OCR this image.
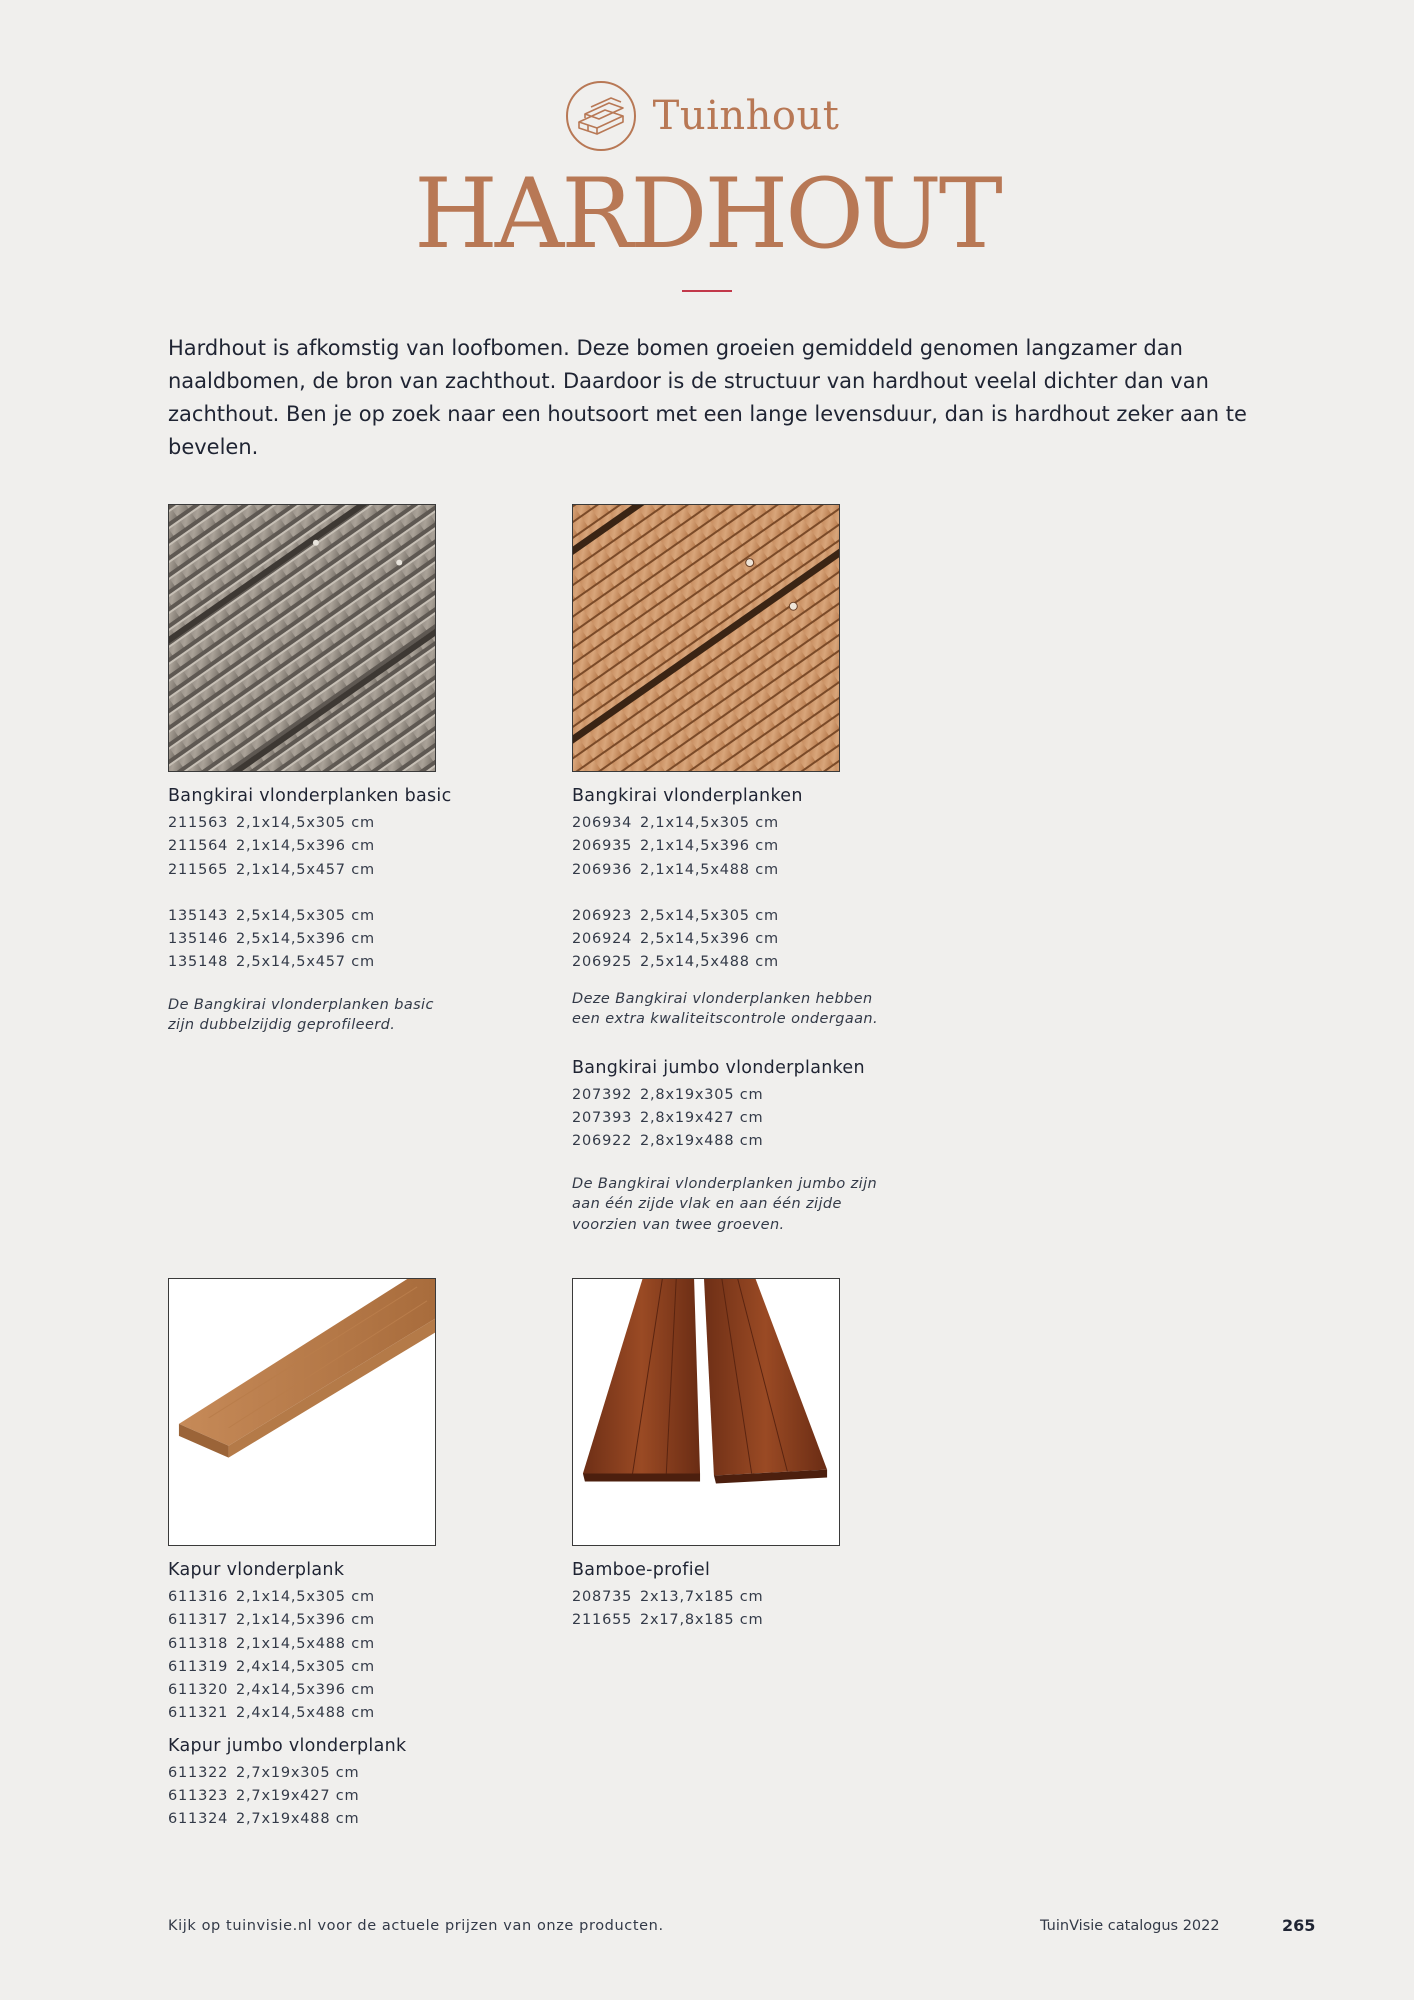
Tuinhout
HARDHOUT
Hardhout is afkomstig van loofbomen. Deze bomen groeien gemiddeld genomen langzamer dan naaldbomen, de bron van zachthout. Daardoor is de structuur van hardhout veelal dichter dan van zachthout. Ben je op zoek naar een houtsoort met een lange levensduur, dan is hardhout zeker aan te bevelen.
Bangkirai vlonderplanken basic
211563 2,1x14,5x305 cm
211564 2,1x14,5x396 cm
211565 2,1x14,5x457 cm
135143 2,5x14,5x305 cm
135146 2,5x14,5x396 cm
135148 2,5x14,5x457 cm
De Bangkirai vlonderplanken basic zijn dubbelzijdig geprofileerd.
Bangkirai vlonderplanken
206934 2,1x14,5x305 cm
206935 2,1x14,5x396 cm
206936 2,1x14,5x488 cm
206923 2,5x14,5x305 cm
206924 2,5x14,5x396 cm
206925 2,5x14,5x488 cm
Deze Bangkirai vlonderplanken hebben een extra kwaliteitscontrole ondergaan.
Bangkirai jumbo vlonderplanken
207392 2,8x19x305 cm
207393 2,8x19x427 cm
206922 2,8x19x488 cm
De Bangkirai vlonderplanken jumbo zijn aan één zijde vlak en aan één zijde voorzien van twee groeven.
Kapur vlonderplank
611316 2,1x14,5x305 cm
611317 2,1x14,5x396 cm
611318 2,1x14,5x488 cm
611319 2,4x14,5x305 cm
611320 2,4x14,5x396 cm
611321 2,4x14,5x488 cm
Kapur jumbo vlonderplank
611322 2,7x19x305 cm
611323 2,7x19x427 cm
611324 2,7x19x488 cm
Bamboe-profiel
208735 2x13,7x185 cm
211655 2x17,8x185 cm
Kijk op tuinvisie.nl voor de actuele prijzen van onze producten.	TuinVisie catalogus 2022	265
